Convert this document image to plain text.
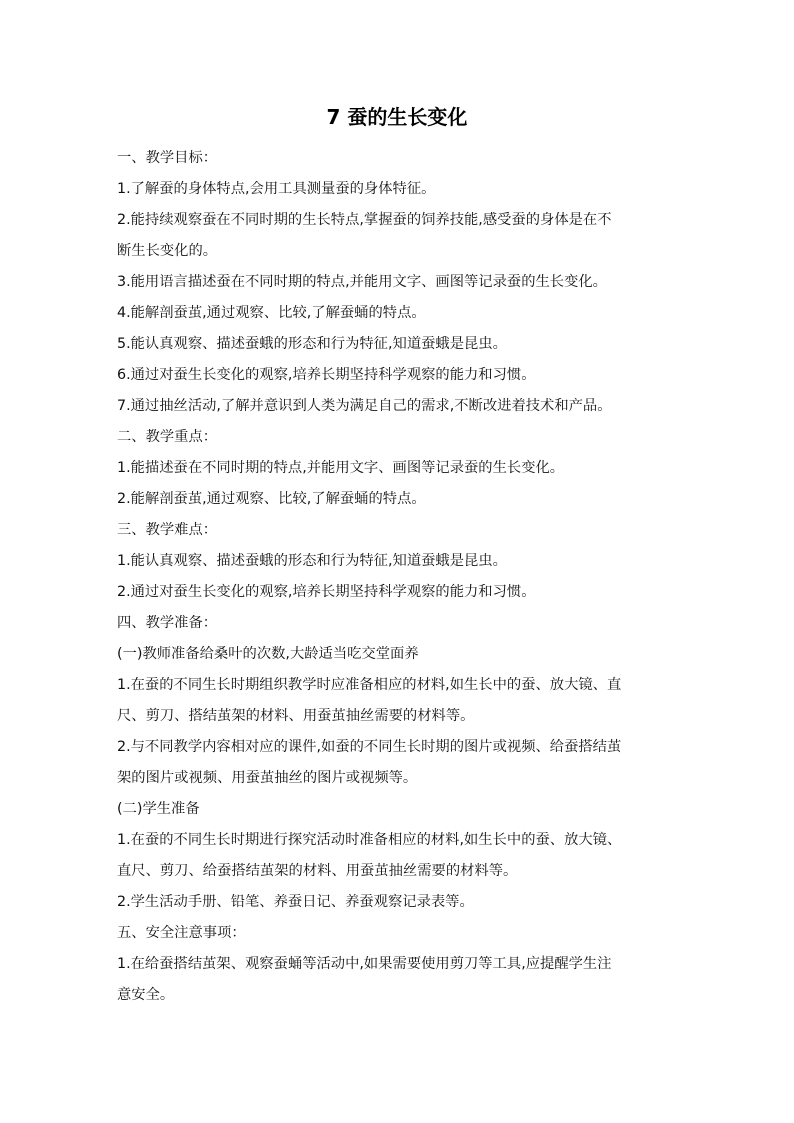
7 蚕的生长变化
一、教学目标：
1.了解蚕的身体特点,会用工具测量蚕的身体特征。
2.能持续观察蚕在不同时期的生长特点,掌握蚕的饲养技能,感受蚕的身体是在不
断生长变化的。
3.能用语言描述蚕在不同时期的特点,并能用文字、画图等记录蚕的生长变化。
4.能解剖蚕茧,通过观察、比较,了解蚕蛹的特点。
5.能认真观察、描述蚕蛾的形态和行为特征,知道蚕蛾是昆虫。
6.通过对蚕生长变化的观察,培养长期坚持科学观察的能力和习惯。
7.通过抽丝活动,了解并意识到人类为满足自己的需求,不断改进着技术和产品。
二、教学重点：
1.能描述蚕在不同时期的特点,并能用文字、画图等记录蚕的生长变化。
2.能解剖蚕茧,通过观察、比较,了解蚕蛹的特点。
三、教学难点：
1.能认真观察、描述蚕蛾的形态和行为特征,知道蚕蛾是昆虫。
2.通过对蚕生长变化的观察,培养长期坚持科学观察的能力和习惯。
四、教学准备：
(一)教师准备给桑叶的次数,大龄适当吃交堂面养
1.在蚕的不同生长时期组织教学时应准备相应的材料,如生长中的蚕、放大镜、直
尺、剪刀、搭结茧架的材料、用蚕茧抽丝需要的材料等。
2.与不同教学内容相对应的课件,如蚕的不同生长时期的图片或视频、给蚕搭结茧
架的图片或视频、用蚕茧抽丝的图片或视频等。
(二)学生准备
1.在蚕的不同生长时期进行探究活动时准备相应的材料,如生长中的蚕、放大镜、
直尺、剪刀、给蚕搭结茧架的材料、用蚕茧抽丝需要的材料等。
2.学生活动手册、铅笔、养蚕日记、养蚕观察记录表等。
五、安全注意事项：
1.在给蚕搭结茧架、观察蚕蛹等活动中,如果需要使用剪刀等工具,应提醒学生注
意安全。
